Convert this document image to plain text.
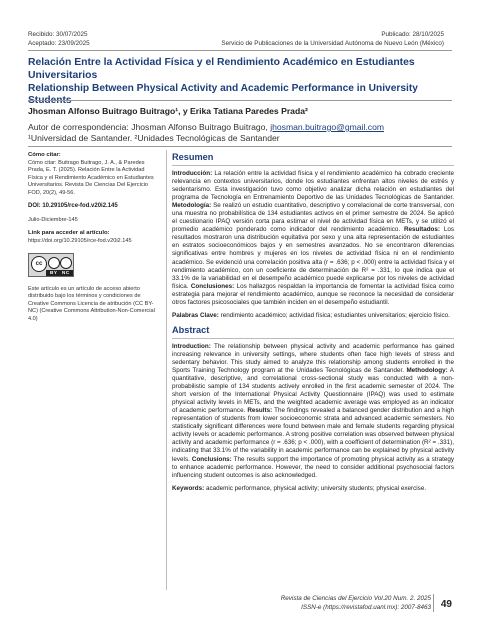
Recibido: 30/07/2025
Aceptado: 23/09/2025
Publicado: 28/10/2025
Servicio de Publicaciones de la Universidad Autónoma de Nuevo León (México)
Relación Entre la Actividad Física y el Rendimiento Académico en Estudiantes Universitarios
Relationship Between Physical Activity and Academic Performance in University Students
Jhosman Alfonso Buitrago Buitrago¹, y Erika Tatiana Paredes Prada²
Autor de correspondencia: Jhosman Alfonso Buitrago Buitrago, jhosman.buitrago@gmail.com
¹Universidad de Santander. ²Unidades Tecnológicas de Santander
Cómo citar:
Cómo citar: Buitrago Buitrago, J. A., & Paredes Prada, E. T. (2025). Relación Entre la Actividad Física y el Rendimiento Académico en Estudiantes Universitarios. Revista De Ciencias Del Ejercicio FOD, 20(2), 49-56.
DOI: 10.29105/rcе-fod.v20i2.145
Julio-Diciembre-145
Link para acceder al artículo:
https://doi.org/10.29105/rce-fod.v20i2.145
cc
BY NC
Este artículo es un artículo de acceso abierto distribuido bajo los términos y condiciones de Creative Commons Licencia de atribución (CC BY-NC) (Creative Commons Attribution-Non-Comercial 4.0)
Resumen

Introducción: La relación entre la actividad física y el rendimiento académico ha cobrado creciente relevancia en contextos universitarios, donde los estudiantes enfrentan altos niveles de estrés y sedentarismo. Esta investigación tuvo como objetivo analizar dicha relación en estudiantes del programa de Tecnología en Entrenamiento Deportivo de las Unidades Tecnológicas de Santander. Metodología: Se realizó un estudio cuantitativo, descriptivo y correlacional de corte transversal, con una muestra no probabilística de 134 estudiantes activos en el primer semestre de 2024. Se aplicó el cuestionario IPAQ versión corta para estimar el nivel de actividad física en METs, y se utilizó el promedio académico ponderado como indicador del rendimiento académico. Resultados: Los resultados mostraron una distribución equitativa por sexo y una alta representación de estudiantes en estratos socioeconómicos bajos y en semestres avanzados. No se encontraron diferencias significativas entre hombres y mujeres en los niveles de actividad física ni en el rendimiento académico. Se evidenció una correlación positiva alta (r = .636; p < .000) entre la actividad física y el rendimiento académico, con un coeficiente de determinación de R² = .331, lo que indica que el 33.1% de la variabilidad en el desempeño académico puede explicarse por los niveles de actividad física. Conclusiones: Los hallazgos respaldan la importancia de fomentar la actividad física como estrategia para mejorar el rendimiento académico, aunque se reconoce la necesidad de considerar otros factores psicosociales que también inciden en el desempeño estudiantil.

Palabras Clave: rendimiento académico; actividad física; estudiantes universitarios; ejercicio físico.

Abstract

Introduction: The relationship between physical activity and academic performance has gained increasing relevance in university settings, where students often face high levels of stress and sedentary behavior. This study aimed to analyze this relationship among students enrolled in the Sports Training Technology program at the Unidades Tecnológicas de Santander. Methodology: A quantitative, descriptive, and correlational cross-sectional study was conducted with a non-probabilistic sample of 134 students actively enrolled in the first academic semester of 2024. The short version of the International Physical Activity Questionnaire (IPAQ) was used to estimate physical activity levels in METs, and the weighted academic average was employed as an indicator of academic performance. Results: The findings revealed a balanced gender distribution and a high representation of students from lower socioeconomic strata and advanced academic semesters. No statistically significant differences were found between male and female students regarding physical activity levels or academic performance. A strong positive correlation was observed between physical activity and academic performance (r = .636; p < .000), with a coefficient of determination (R² = .331), indicating that 33.1% of the variability in academic performance can be explained by physical activity levels. Conclusions: The results support the importance of promoting physical activity as a strategy to enhance academic performance. However, the need to consider additional psychosocial factors influencing student outcomes is also acknowledged.

Keywords: academic performance, physical activity; university students; physical exercise.

Revista de Ciencias del Ejercicio Vol.20 Num. 2. 2025
ISSN-e (https://revistafod.uanl.mx): 2007-8463 49
